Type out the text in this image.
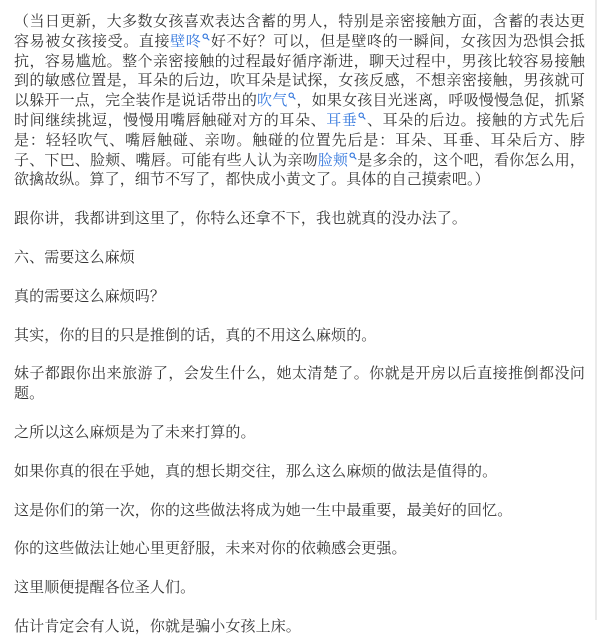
（当日更新，大多数女孩喜欢表达含蓄的男人，特别是亲密接触方面，含蓄的表达更容易被女孩接受。直接壁咚 好不好？可以，但是壁咚的一瞬间，女孩因为恐惧会抵抗，容易尴尬。整个亲密接触的过程最好循序渐进，聊天过程中，男孩比较容易接触到的敏感位置是，耳朵的后边，吹耳朵是试探，女孩反感，不想亲密接触，男孩就可以躲开一点，完全装作是说话带出的吹气 ，如果女孩目光迷离，呼吸慢慢急促，抓紧时间继续挑逗，慢慢用嘴唇触碰对方的耳朵、耳垂 、耳朵的后边。接触的方式先后是：轻轻吹气、嘴唇触碰、亲吻。触碰的位置先后是：耳朵、耳垂、耳朵后方、脖子、下巴、脸颊、嘴唇。可能有些人认为亲吻脸颊 是多余的，这个吧，看你怎么用，欲擒故纵。算了，细节不写了，都快成小黄文了。具体的自己摸索吧。）

跟你讲，我都讲到这里了，你特么还拿不下，我也就真的没办法了。

六、需要这么麻烦

真的需要这么麻烦吗？

其实，你的目的只是推倒的话，真的不用这么麻烦的。

妹子都跟你出来旅游了，会发生什么，她太清楚了。你就是开房以后直接推倒都没问题。

之所以这么麻烦是为了未来打算的。

如果你真的很在乎她，真的想长期交往，那么这么麻烦的做法是值得的。

这是你们的第一次，你的这些做法将成为她一生中最重要，最美好的回忆。

你的这些做法让她心里更舒服，未来对你的依赖感会更强。

这里顺便提醒各位圣人们。

估计肯定会有人说，你就是骗小女孩上床。
